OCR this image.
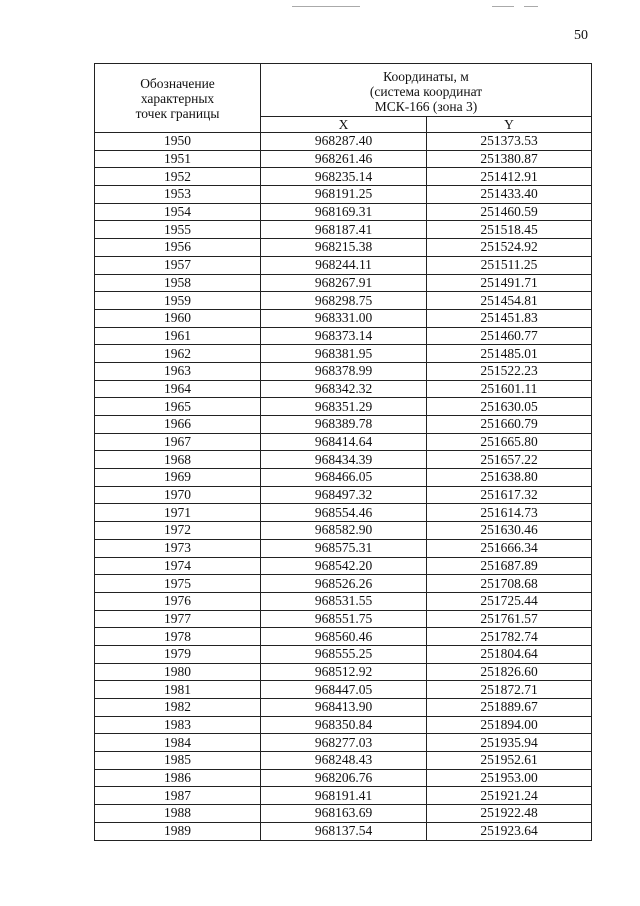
50
Обозначение
характерных
точек границы	Координаты, м
(система координат
МСК-166 (зона 3)	
	X	Y
1950	968287.40	251373.53
1951	968261.46	251380.87
1952	968235.14	251412.91
1953	968191.25	251433.40
1954	968169.31	251460.59
1955	968187.41	251518.45
1956	968215.38	251524.92
1957	968244.11	251511.25
1958	968267.91	251491.71
1959	968298.75	251454.81
1960	968331.00	251451.83
1961	968373.14	251460.77
1962	968381.95	251485.01
1963	968378.99	251522.23
1964	968342.32	251601.11
1965	968351.29	251630.05
1966	968389.78	251660.79
1967	968414.64	251665.80
1968	968434.39	251657.22
1969	968466.05	251638.80
1970	968497.32	251617.32
1971	968554.46	251614.73
1972	968582.90	251630.46
1973	968575.31	251666.34
1974	968542.20	251687.89
1975	968526.26	251708.68
1976	968531.55	251725.44
1977	968551.75	251761.57
1978	968560.46	251782.74
1979	968555.25	251804.64
1980	968512.92	251826.60
1981	968447.05	251872.71
1982	968413.90	251889.67
1983	968350.84	251894.00
1984	968277.03	251935.94
1985	968248.43	251952.61
1986	968206.76	251953.00
1987	968191.41	251921.24
1988	968163.69	251922.48
1989	968137.54	251923.64
